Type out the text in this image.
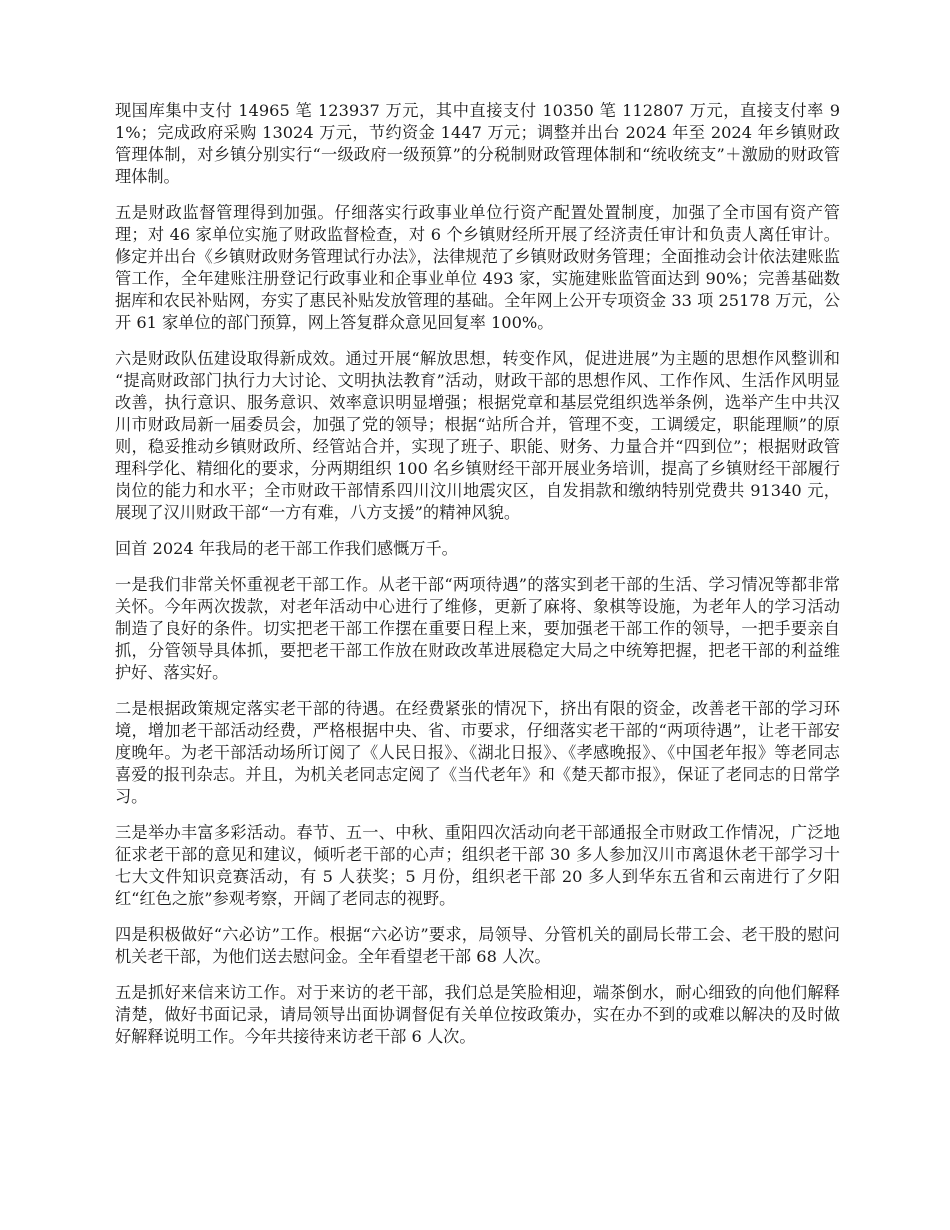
现国库集中支付 14965 笔 123937 万元，其中直接支付 10350 笔 112807 万元，直接支付率 91%；完成政府采购 13024 万元，节约资金 1447 万元；调整并出台 2024 年至 2024 年乡镇财政管理体制，对乡镇分别实行“一级政府一级预算”的分税制财政管理体制和“统收统支”＋激励的财政管理体制。

五是财政监督管理得到加强。仔细落实行政事业单位行资产配置处置制度，加强了全市国有资产管理；对 46 家单位实施了财政监督检查，对 6 个乡镇财经所开展了经济责任审计和负责人离任审计。修定并出台《乡镇财政财务管理试行办法》，法律规范了乡镇财政财务管理；全面推动会计依法建账监管工作，全年建账注册登记行政事业和企事业单位 493 家，实施建账监管面达到 90%；完善基础数据库和农民补贴网，夯实了惠民补贴发放管理的基础。全年网上公开专项资金 33 项 25178 万元，公开 61 家单位的部门预算，网上答复群众意见回复率 100%。

六是财政队伍建设取得新成效。通过开展“解放思想，转变作风，促进进展”为主题的思想作风整训和 “提高财政部门执行力大讨论、文明执法教育”活动，财政干部的思想作风、工作作风、生活作风明显改善，执行意识、服务意识、效率意识明显增强；根据党章和基层党组织选举条例，选举产生中共汉川市财政局新一届委员会，加强了党的领导；根据“站所合并，管理不变，工调缓定，职能理顺”的原则，稳妥推动乡镇财政所、经管站合并，实现了班子、职能、财务、力量合并“四到位”；根据财政管理科学化、精细化的要求，分两期组织 100 名乡镇财经干部开展业务培训，提高了乡镇财经干部履行岗位的能力和水平；全市财政干部情系四川汶川地震灾区，自发捐款和缴纳特别党费共 91340 元，展现了汉川财政干部“一方有难，八方支援”的精神风貌。

回首 2024 年我局的老干部工作我们感慨万千。

一是我们非常关怀重视老干部工作。从老干部“两项待遇”的落实到老干部的生活、学习情况等都非常关怀。今年两次拨款，对老年活动中心进行了维修，更新了麻将、象棋等设施，为老年人的学习活动制造了良好的条件。切实把老干部工作摆在重要日程上来，要加强老干部工作的领导，一把手要亲自抓，分管领导具体抓，要把老干部工作放在财政改革进展稳定大局之中统筹把握，把老干部的利益维护好、落实好。

二是根据政策规定落实老干部的待遇。在经费紧张的情况下，挤出有限的资金，改善老干部的学习环境，增加老干部活动经费，严格根据中央、省、市要求，仔细落实老干部的“两项待遇”，让老干部安度晚年。为老干部活动场所订阅了《人民日报》、《湖北日报》、《孝感晚报》、《中国老年报》等老同志喜爱的报刊杂志。并且，为机关老同志定阅了《当代老年》和《楚天都市报》，保证了老同志的日常学习。

三是举办丰富多彩活动。春节、五一、中秋、重阳四次活动向老干部通报全市财政工作情况，广泛地征求老干部的意见和建议，倾听老干部的心声；组织老干部 30 多人参加汉川市离退休老干部学习十七大文件知识竞赛活动，有 5 人获奖；5 月份，组织老干部 20 多人到华东五省和云南进行了夕阳红“红色之旅”参观考察，开阔了老同志的视野。

四是积极做好“六必访”工作。根据“六必访”要求，局领导、分管机关的副局长带工会、老干股的慰问机关老干部，为他们送去慰问金。全年看望老干部 68 人次。

五是抓好来信来访工作。对于来访的老干部，我们总是笑脸相迎，端茶倒水，耐心细致的向他们解释清楚，做好书面记录，请局领导出面协调督促有关单位按政策办，实在办不到的或难以解决的及时做好解释说明工作。今年共接待来访老干部 6 人次。
